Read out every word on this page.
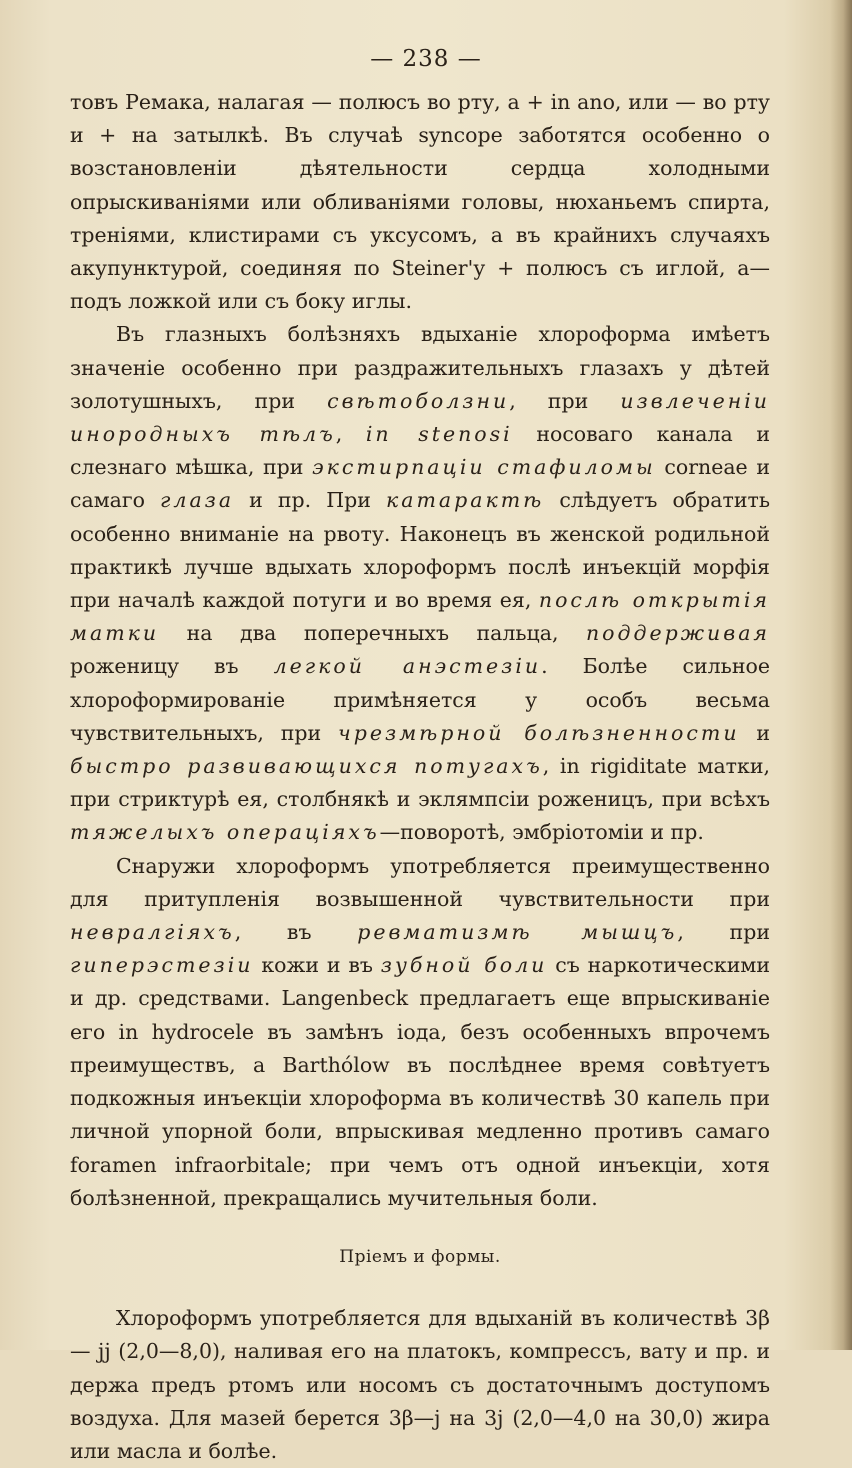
— 238 —

товъ Ремака, налагая — полюсъ во рту, а + in ano, или — во рту и + на затылкѣ. Въ случаѣ syncope заботятся особенно о возстановленіи дѣятельности сердца холодными опрыскиваніями или обливаніями головы, нюханьемъ спирта, треніями, клистирами съ уксусомъ, а въ крайнихъ случаяхъ акупунктурой, соединяя по Steiner'у + полюсъ съ иглой, а—подъ ложкой или съ боку иглы.

Въ глазныхъ болѣзняхъ вдыханіе хлороформа имѣетъ значеніе особенно при раздражительныхъ глазахъ у дѣтей золотушныхъ, при свѣтоболзни, при извлеченіи инородныхъ тѣлъ, in stenosi носоваго канала и слезнаго мѣшка, при экстирпаціи стафиломы corneae и самаго глаза и пр. При катарактѣ слѣдуетъ обратить особенно вниманіе на рвоту. Наконецъ въ женской родильной практикѣ лучше вдыхать хлороформъ послѣ инъекцій морфія при началѣ каждой потуги и во время ея, послѣ открытія матки на два поперечныхъ пальца, поддерживая роженицу въ легкой анэстезіи. Болѣе сильное хлороформированіе примѣняется у особъ весьма чувствительныхъ, при чрезмѣрной болѣзненности и быстро развивающихся потугахъ, in rigiditate матки, при стриктурѣ ея, столбнякѣ и эклямпсіи роженицъ, при всѣхъ тяжелыхъ операціяхъ—поворотѣ, эмбріотоміи и пр.

Снаружи хлороформъ употребляется преимущественно для притупленія возвышенной чувствительности при невралгіяхъ, въ ревматизмѣ мышцъ, при гиперэстезіи кожи и въ зубной боли съ наркотическими и др. средствами. Langenbeck предлагаетъ еще впрыскиваніе его in hydrocele въ замѣнъ іода, безъ особенныхъ впрочемъ преимуществъ, а Barthólow въ послѣднее время совѣтуетъ подкожныя инъекціи хлороформа въ количествѣ 30 капель при личной упорной боли, впрыскивая медленно противъ самаго foramen infraorbitale; при чемъ отъ одной инъекціи, хотя болѣзненной, прекращались мучительныя боли.

Пріемъ и формы.

Хлороформъ употребляется для вдыханій въ количествѣ 3β — jj (2,0—8,0), наливая его на платокъ, компрессъ, вату и пр. и держа предъ ртомъ или носомъ съ достаточнымъ доступомъ воздуха. Для мазей берется 3β—j на 3j (2,0—4,0 на 30,0) жира или масла и болѣе.
